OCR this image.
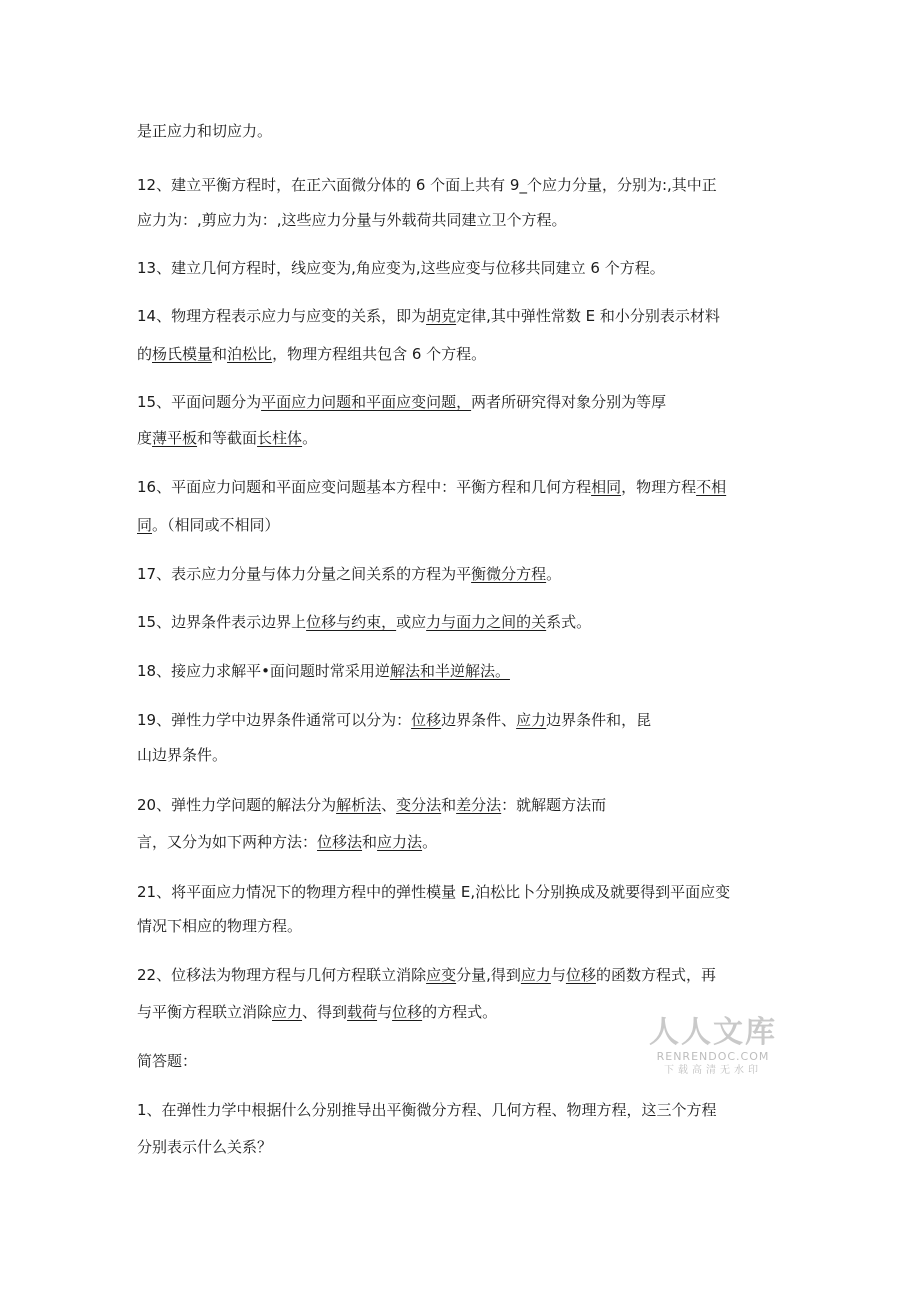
是正应力和切应力。
12、建立平衡方程时，在正六面微分体的 6 个面上共有 9_个应力分量，分别为:,其中正
应力为：,剪应力为：,这些应力分量与外载荷共同建立卫个方程。
13、建立几何方程时，线应变为,角应变为,这些应变与位移共同建立 6 个方程。
14、物理方程表示应力与应变的关系，即为胡克定律,其中弹性常数 E 和小分别表示材料
的杨氏模量和泊松比，物理方程组共包含 6 个方程。
15、平面问题分为平面应力问题和平面应变问题，两者所研究得对象分别为等厚
度薄平板和等截面长柱体。
16、平面应力问题和平面应变问题基本方程中：平衡方程和几何方程相同，物理方程不相
同。（相同或不相同）
17、表示应力分量与体力分量之间关系的方程为平衡微分方程。
15、边界条件表示边界上位移与约束，或应力与面力之间的关系式。
18、接应力求解平•面问题时常采用逆解法和半逆解法。
19、弹性力学中边界条件通常可以分为：位移边界条件、应力边界条件和，昆
山边界条件。
20、弹性力学问题的解法分为解析法、变分法和差分法：就解题方法而
言，又分为如下两种方法：位移法和应力法。
21、将平面应力情况下的物理方程中的弹性模量 E,泊松比卜分别换成及就要得到平面应变
情况下相应的物理方程。
22、位移法为物理方程与几何方程联立消除应变分量,得到应力与位移的函数方程式，再
与平衡方程联立消除应力、得到载荷与位移的方程式。
简答题：
1、在弹性力学中根据什么分别推导出平衡微分方程、几何方程、物理方程，这三个方程
分别表示什么关系？
人人文库
RENRENDOC.COM
下载高清无水印
